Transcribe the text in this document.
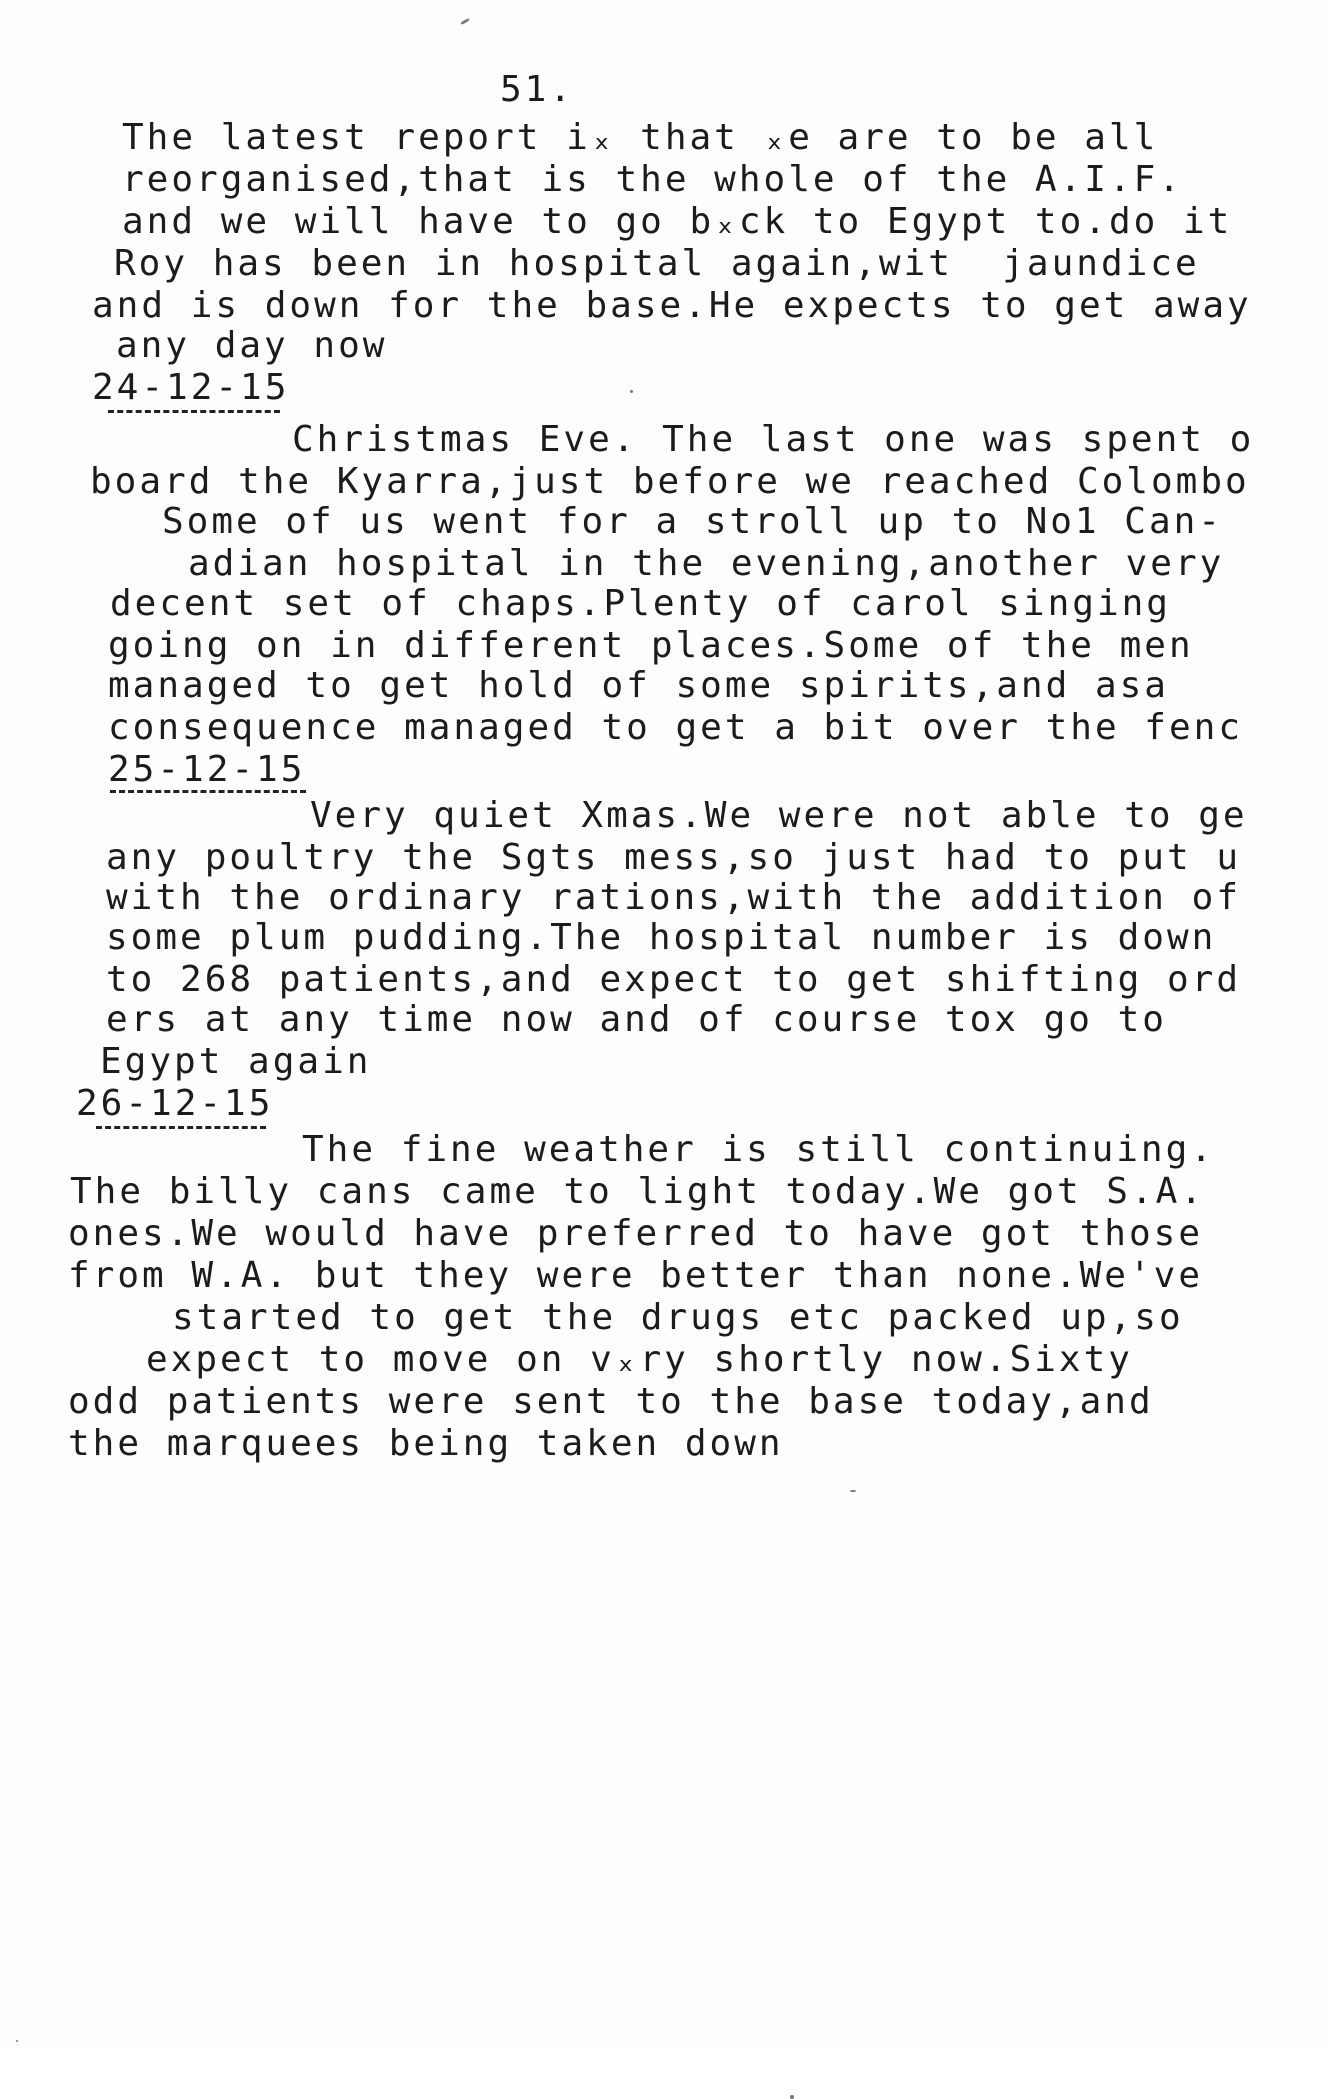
51.
The latest report iₓ that ₓe are to be all
reorganised,that is the whole of the A.I.F.
and we will have to go bₓck to Egypt to.do it
Roy has been in hospital again,wit  jaundice
and is down for the base.He expects to get away
any day now
24-12-15
Christmas Eve. The last one was spent o
board the Kyarra,just before we reached Colombo
Some of us went for a stroll up to No1 Can-
adian hospital in the evening,another very
decent set of chaps.Plenty of carol singing
going on in different places.Some of the men
managed to get hold of some spirits,and asa
consequence managed to get a bit over the fenc
25-12-15
Very quiet Xmas.We were not able to ge
any poultry the Sgts mess,so just had to put u
with the ordinary rations,with the addition of
some plum pudding.The hospital number is down
to 268 patients,and expect to get shifting ord
ers at any time now and of course tox go to
Egypt again
26-12-15
The fine weather is still continuing.
The billy cans came to light today.We got S.A.
ones.We would have preferred to have got those
from W.A. but they were better than none.We've
started to get the drugs etc packed up,so
expect to move on vₓry shortly now.Sixty
odd patients were sent to the base today,and
the marquees being taken down
